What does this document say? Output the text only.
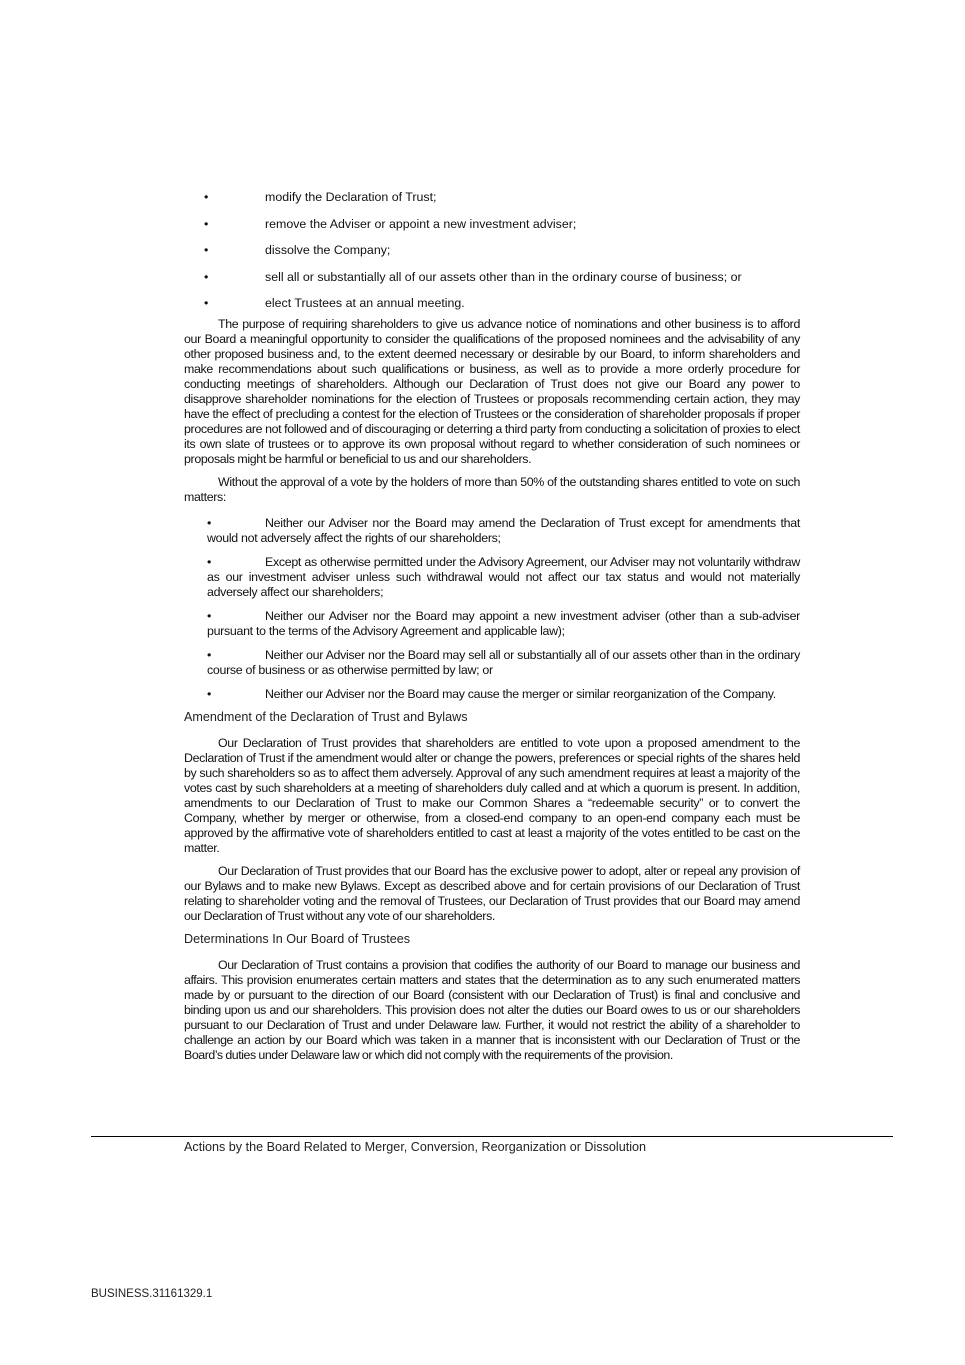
•	modify the Declaration of Trust;
•	remove the Adviser or appoint a new investment adviser;
•	dissolve the Company;
•	sell all or substantially all of our assets other than in the ordinary course of business; or
•	elect Trustees at an annual meeting.

The purpose of requiring shareholders to give us advance notice of nominations and other business is to afford our Board a meaningful opportunity to consider the qualifications of the proposed nominees and the advisability of any other proposed business and, to the extent deemed necessary or desirable by our Board, to inform shareholders and make recommendations about such qualifications or business, as well as to provide a more orderly procedure for conducting meetings of shareholders. Although our Declaration of Trust does not give our Board any power to disapprove shareholder nominations for the election of Trustees or proposals recommending certain action, they may have the effect of precluding a contest for the election of Trustees or the consideration of shareholder proposals if proper procedures are not followed and of discouraging or deterring a third party from conducting a solicitation of proxies to elect its own slate of trustees or to approve its own proposal without regard to whether consideration of such nominees or proposals might be harmful or beneficial to us and our shareholders.

Without the approval of a vote by the holders of more than 50% of the outstanding shares entitled to vote on such matters:

•	Neither our Adviser nor the Board may amend the Declaration of Trust except for amendments that would not adversely affect the rights of our shareholders;
•	Except as otherwise permitted under the Advisory Agreement, our Adviser may not voluntarily withdraw as our investment adviser unless such withdrawal would not affect our tax status and would not materially adversely affect our shareholders;
•	Neither our Adviser nor the Board may appoint a new investment adviser (other than a sub-adviser pursuant to the terms of the Advisory Agreement and applicable law);
•	Neither our Adviser nor the Board may sell all or substantially all of our assets other than in the ordinary course of business or as otherwise permitted by law; or
•	Neither our Adviser nor the Board may cause the merger or similar reorganization of the Company.
Amendment of the Declaration of Trust and Bylaws

Our Declaration of Trust provides that shareholders are entitled to vote upon a proposed amendment to the Declaration of Trust if the amendment would alter or change the powers, preferences or special rights of the shares held by such shareholders so as to affect them adversely. Approval of any such amendment requires at least a majority of the votes cast by such shareholders at a meeting of shareholders duly called and at which a quorum is present. In addition, amendments to our Declaration of Trust to make our Common Shares a “redeemable security” or to convert the Company, whether by merger or otherwise, from a closed-end company to an open-end company each must be approved by the affirmative vote of shareholders entitled to cast at least a majority of the votes entitled to be cast on the matter.

Our Declaration of Trust provides that our Board has the exclusive power to adopt, alter or repeal any provision of our Bylaws and to make new Bylaws. Except as described above and for certain provisions of our Declaration of Trust relating to shareholder voting and the removal of Trustees, our Declaration of Trust provides that our Board may amend our Declaration of Trust without any vote of our shareholders.

Determinations In Our Board of Trustees

Our Declaration of Trust contains a provision that codifies the authority of our Board to manage our business and affairs. This provision enumerates certain matters and states that the determination as to any such enumerated matters made by or pursuant to the direction of our Board (consistent with our Declaration of Trust) is final and conclusive and binding upon us and our shareholders. This provision does not alter the duties our Board owes to us or our shareholders pursuant to our Declaration of Trust and under Delaware law. Further, it would not restrict the ability of a shareholder to challenge an action by our Board which was taken in a manner that is inconsistent with our Declaration of Trust or the Board’s duties under Delaware law or which did not comply with the requirements of the provision.

Actions by the Board Related to Merger, Conversion, Reorganization or Dissolution
BUSINESS.31161329.1
